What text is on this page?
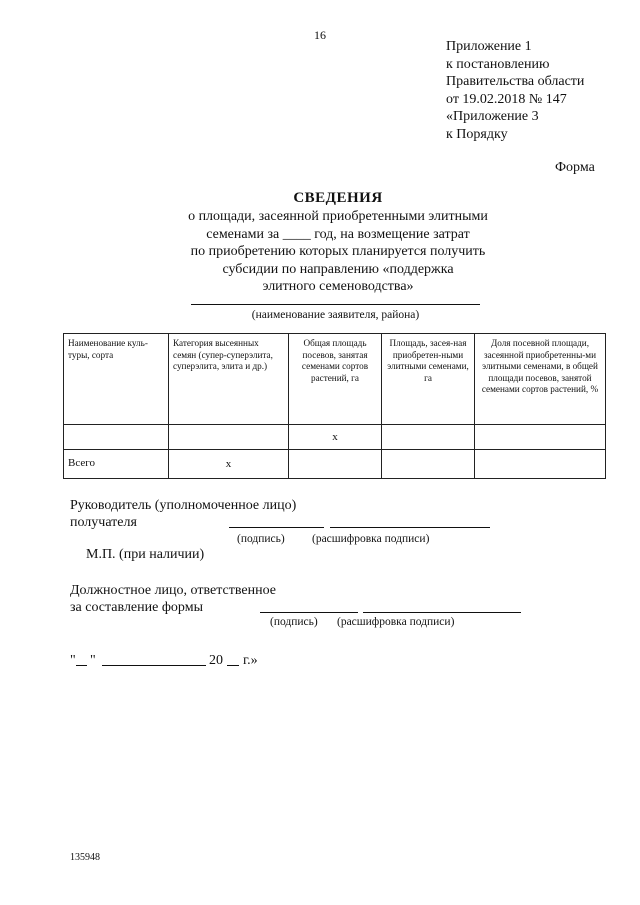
16
Приложение 1
к постановлению
Правительства области
от 19.02.2018 № 147
«Приложение 3
к Порядку
Форма
СВЕДЕНИЯ
о площади, засеянной приобретенными элитными
семенами за ____ год, на возмещение затрат
по приобретению которых планируется получить
субсидии по направлению «поддержка
элитного семеноводства»
(наименование заявителя, района)
Наименование куль-туры, сорта	Категория высеянных семян (супер-суперэлита, суперэлита, элита и др.)	Общая площадь посевов, занятая семенами сортов растений, га	Площадь, засея-ная приобретен-ными элитными семенами, га	Доля посевной площади, засеянной приобретенны-ми элитными семенами, в общей площади посевов, занятой семенами сортов растений, %
		х		
Всего	х			
Руководитель (уполномоченное лицо)
получателя
(подпись) (расшифровка подписи)
М.П. (при наличии)
Должностное лицо, ответственное
за составление формы
(подпись) (расшифровка подписи)
" "	20 г.»
135948
